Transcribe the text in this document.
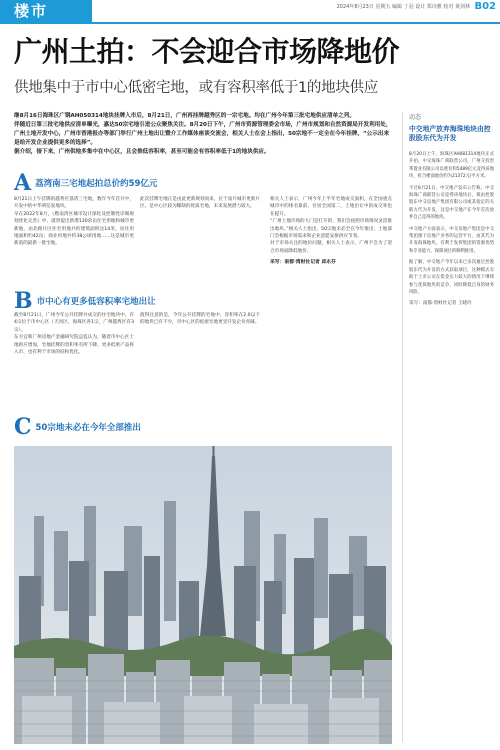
楼市	2024年8月23日 星期五 编辑 丁羽 设计 郑诗雅 校对 黄剑林 B02
广州土拍：不会迎合市场降地价
供地集中于市中心低密宅地，或有容积率低于1的地块供应

继8月16日海珠区广钢AH050314地块挂牌入市后，8月21日，广州再挂牌越秀区的一宗宅地。均在广州今年第三批宅地供应清单之列。

伴随近日第三批宅地供应清单曝光，嘉达50宗宅地引进公众聚焦关注。8月20日下午，广州市资源管理委会市场，广州市规划和自然资源局开发利用处，广州土地开发中心，广州市香港报办等部门举行广州土地出让暨介工作媒体座谈交流会，相关人士在会上指出，50宗地不一定全在今年挂牌，“公示出来是给开发企业提供更多的选择”。

据介绍，接下来，广州供地多集中在中心区，且会推低容积率，甚至可能会有容积率低于1的地块供应。

A 荔湾南三宅地起拍总价约59亿元

8月21日上午挂牌的越秀区荔湾三宅地，数年今年首开中，开发中的中华明信发地块。

早在2022年8月，《暨南湾区城市设计深化及控制性详细规划优化完善》中，就曾提出新增130余亩住宅用地和城市更新地，由北路片区住宅用地共约建筑面积达14米，居住用地面积约42亩；商业用地共约38公顷用地……这是城市更新前的最新一批宅地。

此次挂牌宅地正是由此更新规划而来，位于南片城市更新片区。是中心区较为稀缺的优质宅地，未来发展潜力较大。

B 市中心有更多低容积率宅地出让

截至8月21日，广州今年公开挂牌并成交的住宅地块中，有4宗位于市中心区（天河区、海珠区各1宗，广州越秀区有3宗）。

东方宜和广州房地产金融研究院总监认为，随着市中心区土地供应增加，宅地挂牌的容积率有所下降，更多低密产品将入市，也有利于市场的结构优化。

值得注意的是，今年公开挂牌的宅地中，容积率在2.0以下的地块已有不少，市中心区的低密宅地更受开发企业青睐。

C 50宗地未必在今年全部推出

相关人士表示，广州今年上半年宅地成交面积，在全国重点城市中的排名靠前，位居全国第二，土地出让中的成交率也在提升。

“广州土地市场的大门是打开的，我们会按照市场情况灵活推出地块。”相关人士指出，50宗地未必全在今年推出，土地部门会根据市场需求和企业意愿安排供应节奏。

对于市场关注的地价问题，相关人士表示，广州不会为了迎合市场而降低地价。

采写：南都·湾财社记者 邱永芬
动态
中交地产放弃海珠地块由控股股东代为开发

8月20日上午，海珠区AH081314地块正式开拍，中交海珠广商联营公司，广州交投贵邦置业有限公司以底价和5489亿元竞得该地块，折合楼面地价约为21372元/平方米。

不过8月21日，中交地产发布公告称，中交海珠广商联营公司竞得该地块后，拟由控股股东中交房地产集团有限公司或其指定的关联方代为开发，这是中交地产在今年首次放弃自己竞得的地块。

中交地产方面表示，中交房地产集团是中交集团旗下房地产业务的运营平台，由其代为开发海珠地块，有利于发挥集团的资源优势和专业能力，保障项目的顺利推进。

据了解，中交地产今年以来已多次通过控股股东代为开发的方式获取项目，这种模式有助于上市公司在资金压力较大的情况下继续参与优质地块的竞争，同时降低自身的财务风险。

采写：南都·湾财社记者 王晓玲
